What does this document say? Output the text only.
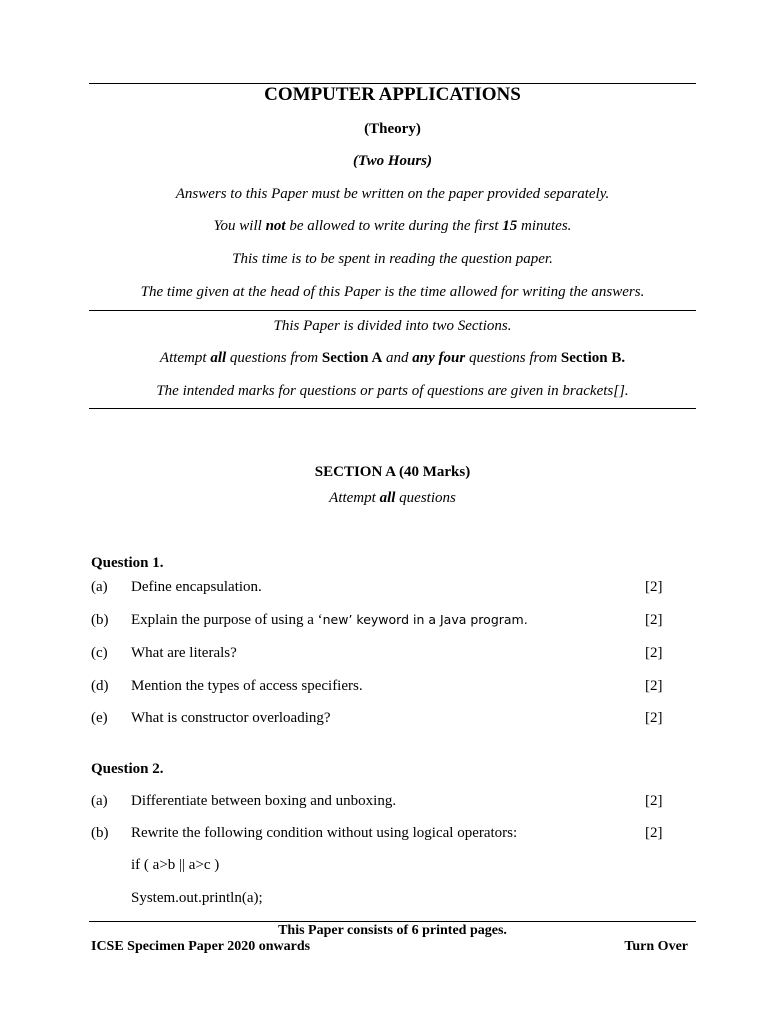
COMPUTER APPLICATIONS
(Theory)
(Two Hours)
Answers to this Paper must be written on the paper provided separately.
You will not be allowed to write during the first 15 minutes.
This time is to be spent in reading the question paper.
The time given at the head of this Paper is the time allowed for writing the answers.
This Paper is divided into two Sections.
Attempt all questions from Section A and any four questions from Section B.
The intended marks for questions or parts of questions are given in brackets[].
SECTION A (40 Marks)
Attempt all questions
Question 1.
(a) Define encapsulation.	[2]
(b) Explain the purpose of using a ‘new’ keyword in a Java program.	[2]
(c) What are literals?	[2]
(d) Mention the types of access specifiers.	[2]
(e) What is constructor overloading?	[2]
Question 2.
(a) Differentiate between boxing and unboxing.	[2]
(b) Rewrite the following condition without using logical operators:	[2]
if ( a>b || a>c )
System.out.println(a);
This Paper consists of 6 printed pages.
ICSE Specimen Paper 2020 onwards	Turn Over
